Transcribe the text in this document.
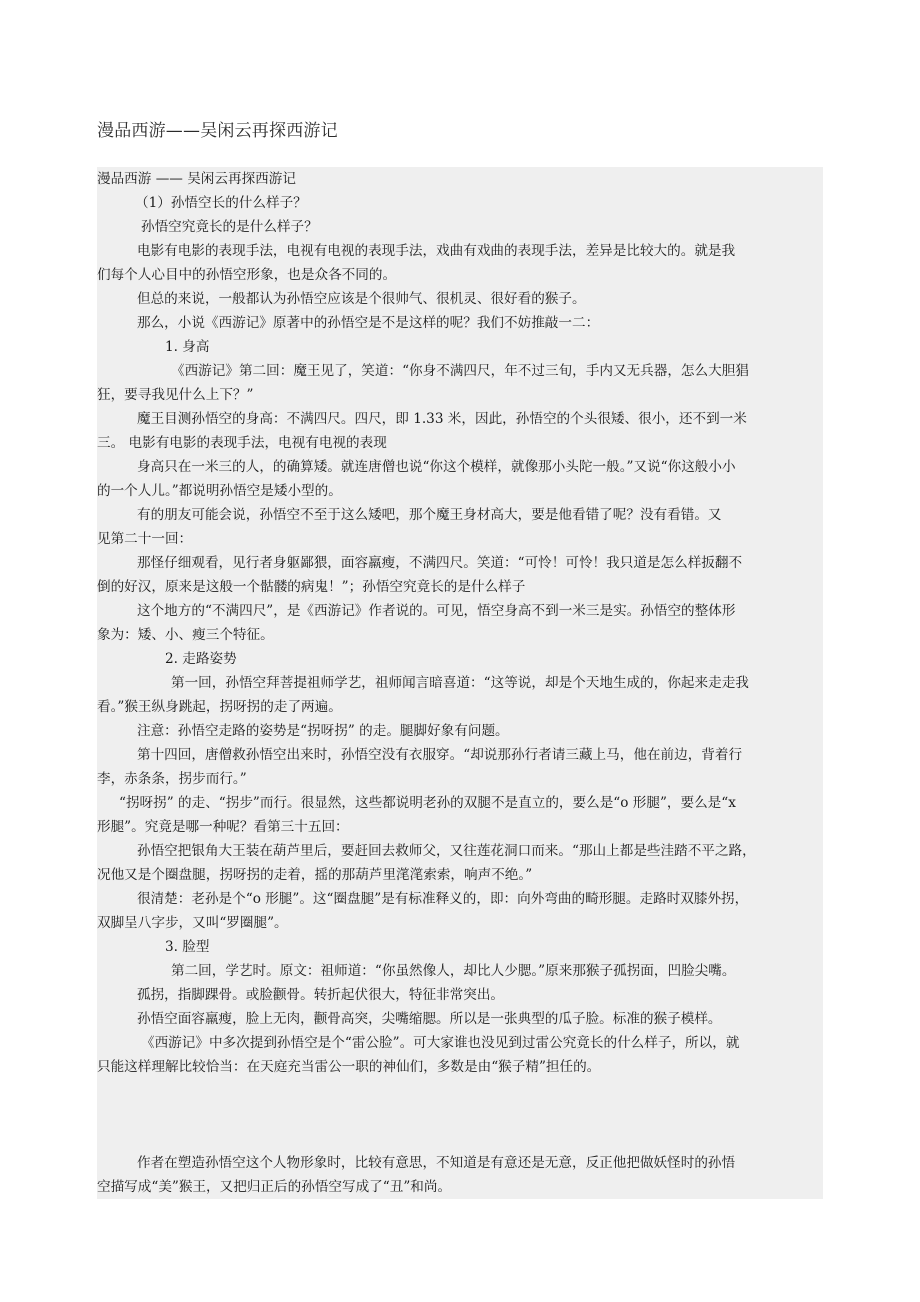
漫品西游——吴闲云再探西游记
漫品西游 —— 吴闲云再探西游记
（1）孙悟空长的什么样子？
孙悟空究竟长的是什么样子？
电影有电影的表现手法，电视有电视的表现手法，戏曲有戏曲的表现手法，差异是比较大的。就是我
们每个人心目中的孙悟空形象，也是众各不同的。
但总的来说，一般都认为孙悟空应该是个很帅气、很机灵、很好看的猴子。
那么，小说《西游记》原著中的孙悟空是不是这样的呢？我们不妨推敲一二：
1. 身高
《西游记》第二回：魔王见了，笑道：“你身不满四尺，年不过三旬，手内又无兵器，怎么大胆猖
狂，要寻我见什么上下？”
魔王目测孙悟空的身高：不满四尺。四尺，即 1.33 米，因此，孙悟空的个头很矮、很小，还不到一米
三。 电影有电影的表现手法，电视有电视的表现
身高只在一米三的人，的确算矮。就连唐僧也说“你这个模样，就像那小头陀一般。”又说“你这般小小
的一个人儿。”都说明孙悟空是矮小型的。
有的朋友可能会说，孙悟空不至于这么矮吧，那个魔王身材高大，要是他看错了呢？没有看错。又
见第二十一回：
那怪仔细观看，见行者身躯鄙猥，面容羸瘦，不满四尺。笑道：“可怜！可怜！我只道是怎么样扳翻不
倒的好汉，原来是这般一个骷髅的病鬼！”；孙悟空究竟长的是什么样子
这个地方的“不满四尺”，是《西游记》作者说的。可见，悟空身高不到一米三是实。孙悟空的整体形
象为：矮、小、瘦三个特征。
2. 走路姿势
第一回，孙悟空拜菩提祖师学艺，祖师闻言暗喜道：“这等说，却是个天地生成的，你起来走走我
看。”猴王纵身跳起，拐呀拐的走了两遍。
注意：孙悟空走路的姿势是“拐呀拐” 的走。腿脚好象有问题。
第十四回，唐僧救孙悟空出来时，孙悟空没有衣服穿。“却说那孙行者请三藏上马，他在前边，背着行
李，赤条条，拐步而行。”
“拐呀拐” 的走、“拐步”而行。很显然，这些都说明老孙的双腿不是直立的，要么是“o 形腿”，要么是“x
形腿”。究竟是哪一种呢？看第三十五回：
孙悟空把银角大王装在葫芦里后，要赶回去救师父，又往莲花洞口而来。“那山上都是些洼踏不平之路，
况他又是个圈盘腿，拐呀拐的走着，摇的那葫芦里滗滗索索，响声不绝。”
很清楚：老孙是个“o 形腿”。这“圈盘腿”是有标准释义的，即：向外弯曲的畸形腿。走路时双膝外拐，
双脚呈八字步，又叫“罗圈腿”。
3. 脸型
第二回，学艺时。原文：祖师道：“你虽然像人，却比人少腮。”原来那猴子孤拐面，凹脸尖嘴。
孤拐，指脚踝骨。或脸颧骨。转折起伏很大，特征非常突出。
孙悟空面容羸瘦，脸上无肉，颧骨高突，尖嘴缩腮。所以是一张典型的瓜子脸。标准的猴子模样。
《西游记》中多次提到孙悟空是个“雷公脸”。可大家谁也没见到过雷公究竟长的什么样子，所以，就
只能这样理解比较恰当：在天庭充当雷公一职的神仙们，多数是由“猴子精”担任的。
作者在塑造孙悟空这个人物形象时，比较有意思，不知道是有意还是无意，反正他把做妖怪时的孙悟
空描写成“美”猴王，又把归正后的孙悟空写成了“丑”和尚。
